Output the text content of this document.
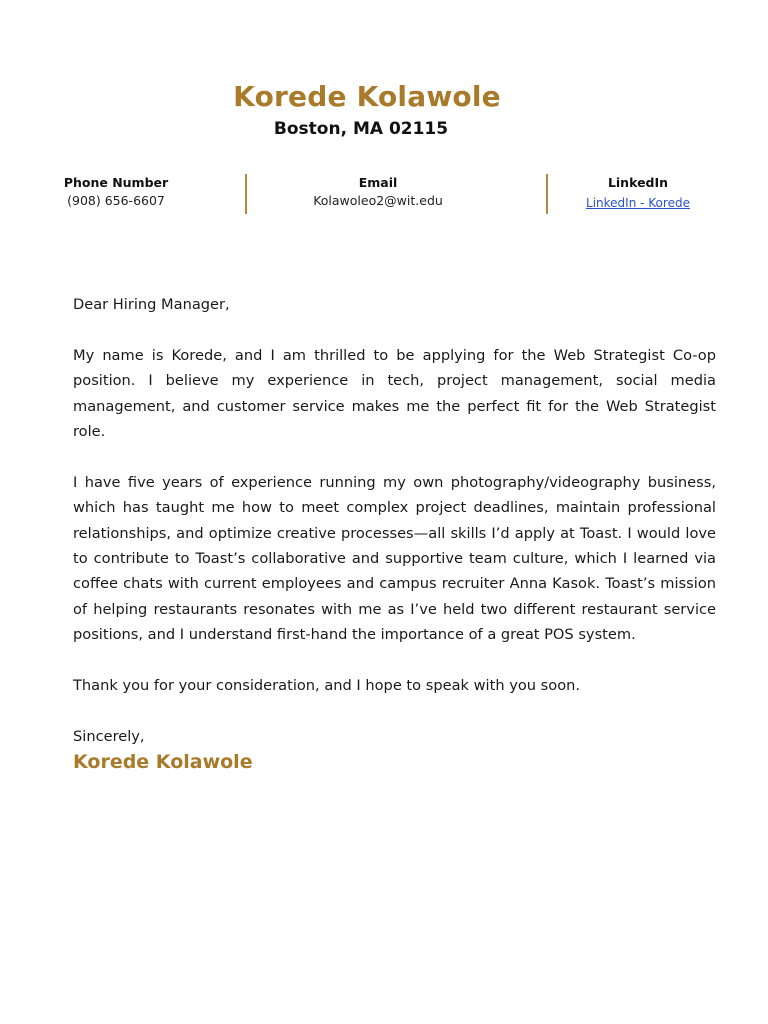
Korede Kolawole
Boston, MA 02115
Phone Number
(908) 656-6607
Email
Kolawoleo2@wit.edu
LinkedIn
LinkedIn - Korede

Dear Hiring Manager,

My name is Korede, and I am thrilled to be applying for the Web Strategist Co-op position. I believe my experience in tech, project management, social media management, and customer service makes me the perfect fit for the Web Strategist role.

I have five years of experience running my own photography/videography business, which has taught me how to meet complex project deadlines, maintain professional relationships, and optimize creative processes—all skills I’d apply at Toast. I would love to contribute to Toast’s collaborative and supportive team culture, which I learned via coffee chats with current employees and campus recruiter Anna Kasok. Toast’s mission of helping restaurants resonates with me as I’ve held two different restaurant service positions, and I understand first-hand the importance of a great POS system.

Thank you for your consideration, and I hope to speak with you soon.

Sincerely,

Korede Kolawole
